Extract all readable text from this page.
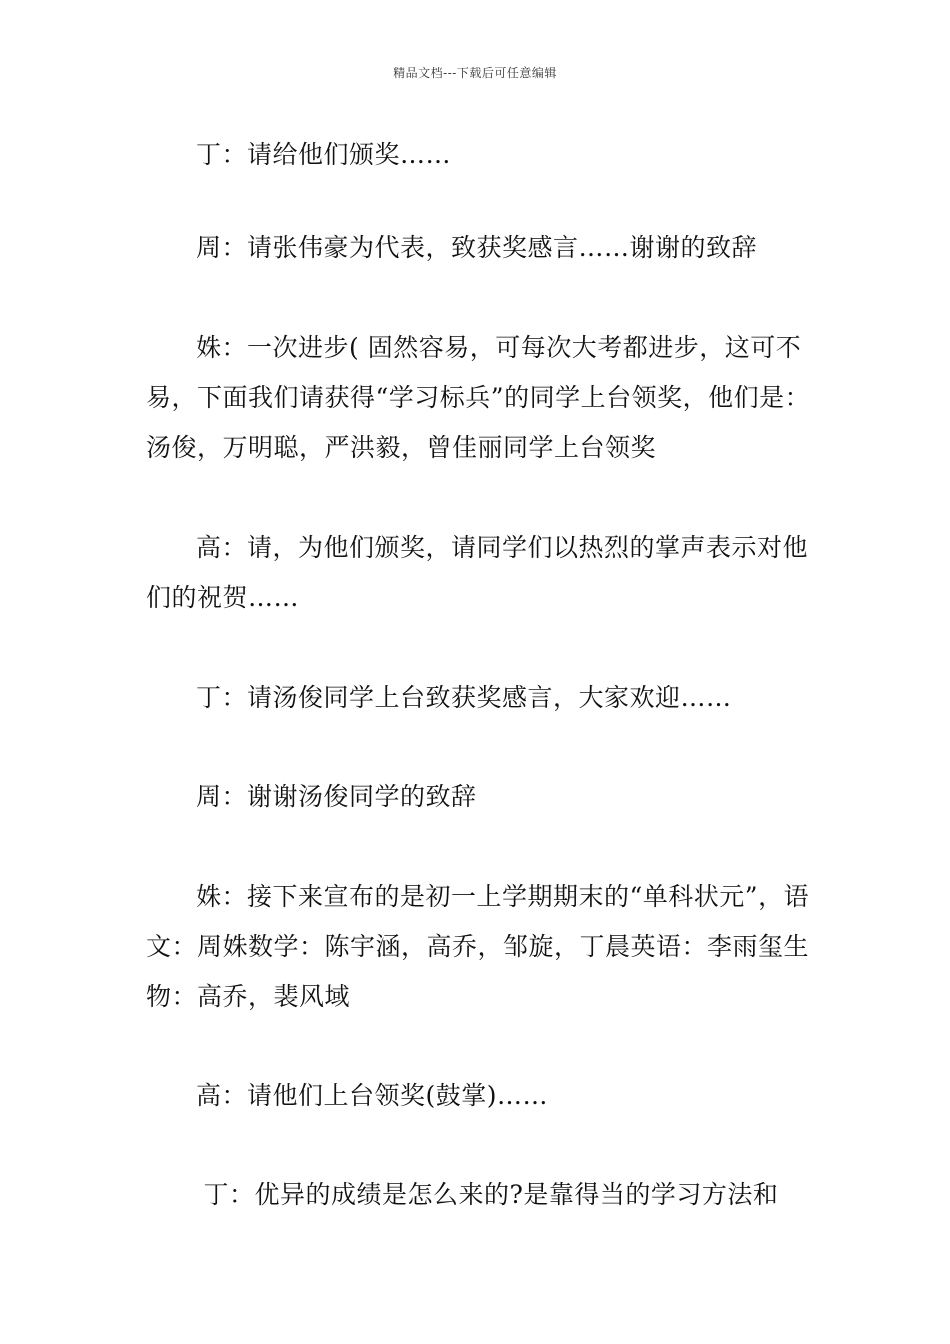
精品文档---下载后可任意编辑

丁：请给他们颁奖……

周：请张伟豪为代表，致获奖感言……谢谢的致辞

姝：一次进步( 固然容易，可每次大考都进步，这可不易，下面我们请获得“学习标兵”的同学上台领奖，他们是：汤俊，万明聪，严洪毅，曾佳丽同学上台领奖

高：请，为他们颁奖，请同学们以热烈的掌声表示对他们的祝贺……

丁：请汤俊同学上台致获奖感言，大家欢迎……

周：谢谢汤俊同学的致辞

姝：接下来宣布的是初一上学期期末的“单科状元”，语文：周姝数学：陈宇涵，高乔，邹旋，丁晨英语：李雨玺生物：高乔，裴风域

高：请他们上台领奖(鼓掌)……

丁：优异的成绩是怎么来的?是靠得当的学习方法和
